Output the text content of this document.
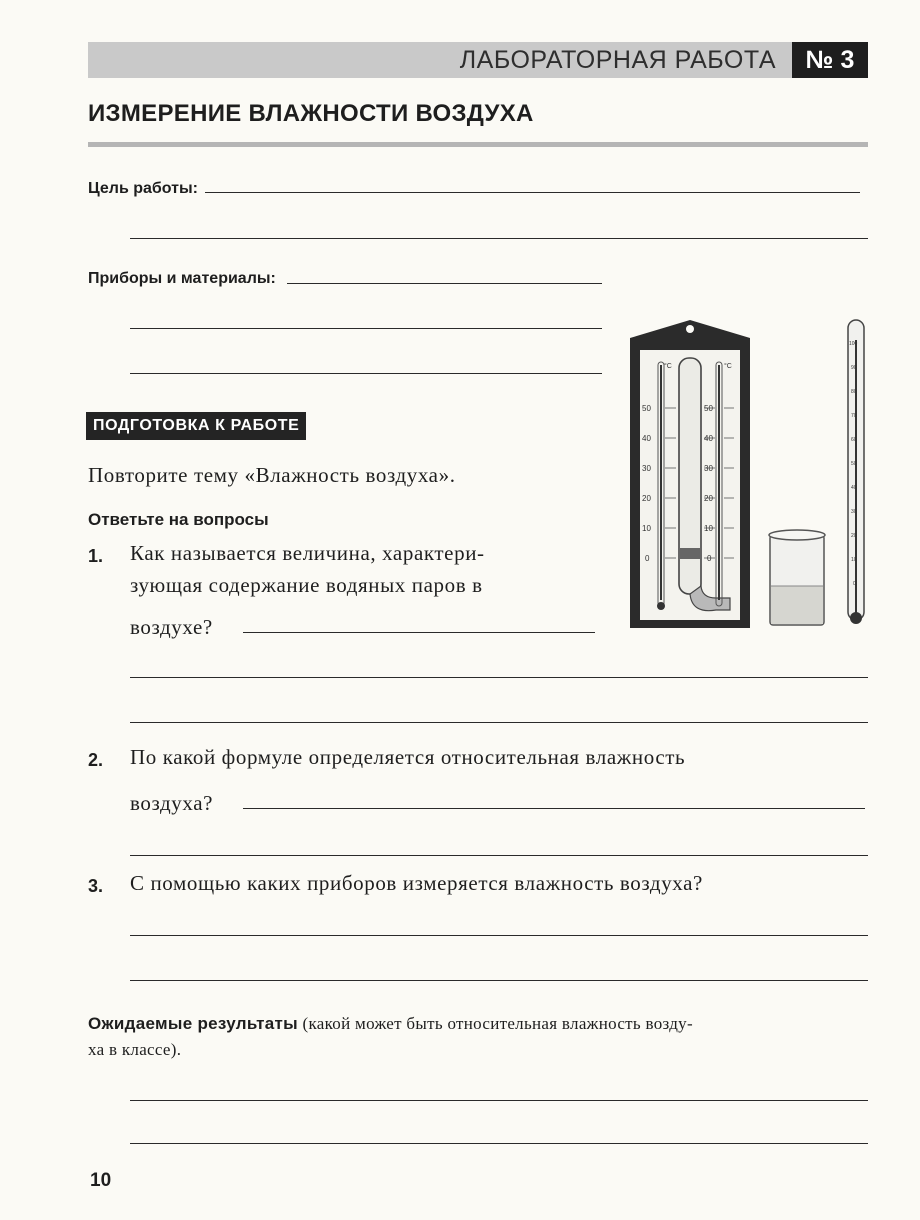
ЛАБОРАТОРНАЯ РАБОТА	№ 3
ИЗМЕРЕНИЕ ВЛАЖНОСТИ ВОЗДУХА
Цель работы:
Приборы и материалы:
ПОДГОТОВКА К РАБОТЕ
Повторите тему «Влажность воздуха».
Ответьте на вопросы
1. Как называется величина, характери-
зующая содержание водяных паров в
воздухе?
2. По какой формуле определяется относительная влажность
воздуха?
3. С помощью каких приборов измеряется влажность воздуха?
Ожидаемые результаты (какой может быть относительная влажность возду-
ха в классе).
10
°C	°C
50
40
30
20
10
0
50
40
30
20
10
0
100
90
80
70
60
50
40
30
20
10
0
